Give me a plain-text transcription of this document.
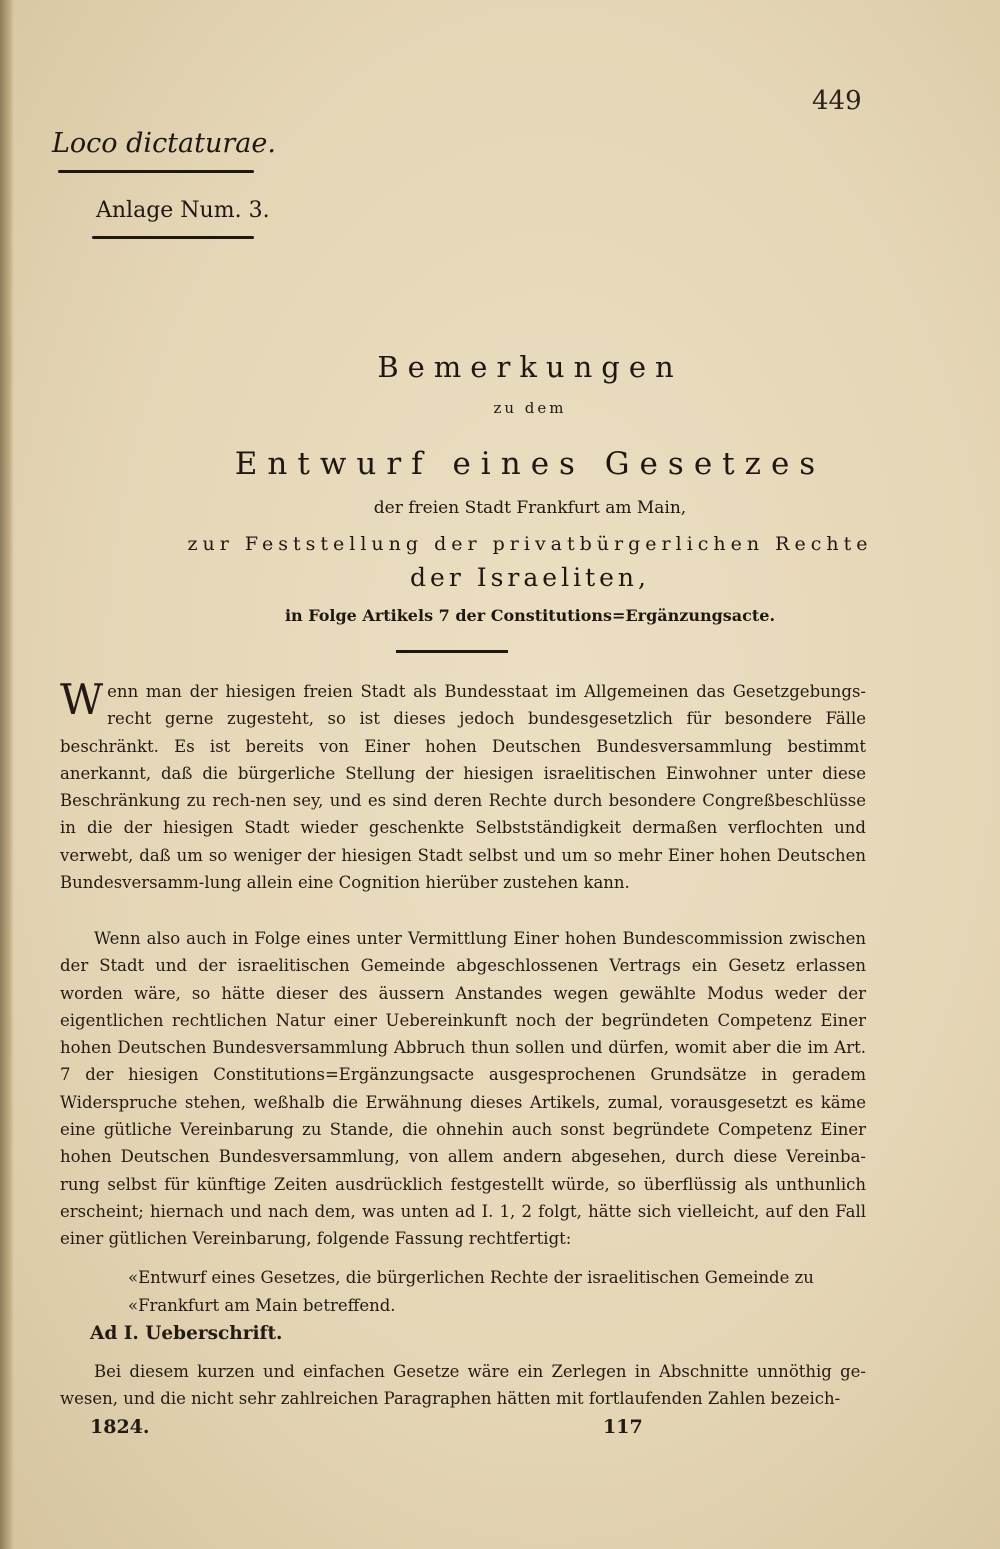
449
Loco dictaturae.
Anlage Num. 3.
Bemerkungen
zu dem
Entwurf eines Gesetzes
der freien Stadt Frankfurt am Main,
zur Feststellung der privatbürgerlichen Rechte
der Israeliten,
in Folge Artikels 7 der Constitutions=Ergänzungsacte.

Wenn man der hiesigen freien Stadt als Bundesstaat im Allgemeinen das Gesetzgebungs-recht gerne zugesteht, so ist dieses jedoch bundesgesetzlich für besondere Fälle beschränkt. Es ist bereits von Einer hohen Deutschen Bundesversammlung bestimmt anerkannt, daß die bürgerliche Stellung der hiesigen israelitischen Einwohner unter diese Beschränkung zu rech-nen sey, und es sind deren Rechte durch besondere Congreßbeschlüsse in die der hiesigen Stadt wieder geschenkte Selbstständigkeit dermaßen verflochten und verwebt, daß um so weniger der hiesigen Stadt selbst und um so mehr Einer hohen Deutschen Bundesversamm-lung allein eine Cognition hierüber zustehen kann.

Wenn also auch in Folge eines unter Vermittlung Einer hohen Bundescommission zwischen der Stadt und der israelitischen Gemeinde abgeschlossenen Vertrags ein Gesetz erlassen worden wäre, so hätte dieser des äussern Anstandes wegen gewählte Modus weder der eigentlichen rechtlichen Natur einer Uebereinkunft noch der begründeten Competenz Einer hohen Deutschen Bundesversammlung Abbruch thun sollen und dürfen, womit aber die im Art. 7 der hiesigen Constitutions=Ergänzungsacte ausgesprochenen Grundsätze in geradem Widerspruche stehen, weßhalb die Erwähnung dieses Artikels, zumal, vorausgesetzt es käme eine gütliche Vereinbarung zu Stande, die ohnehin auch sonst begründete Competenz Einer hohen Deutschen Bundesversammlung, von allem andern abgesehen, durch diese Vereinba-rung selbst für künftige Zeiten ausdrücklich festgestellt würde, so überflüssig als unthunlich erscheint; hiernach und nach dem, was unten ad I. 1, 2 folgt, hätte sich vielleicht, auf den Fall einer gütlichen Vereinbarung, folgende Fassung rechtfertigt:

«Entwurf eines Gesetzes, die bürgerlichen Rechte der israelitischen Gemeinde zu
«Frankfurt am Main betreffend.
Ad I. Ueberschrift.

Bei diesem kurzen und einfachen Gesetze wäre ein Zerlegen in Abschnitte unnöthig ge-wesen, und die nicht sehr zahlreichen Paragraphen hätten mit fortlaufenden Zahlen bezeich-

1824.	117
